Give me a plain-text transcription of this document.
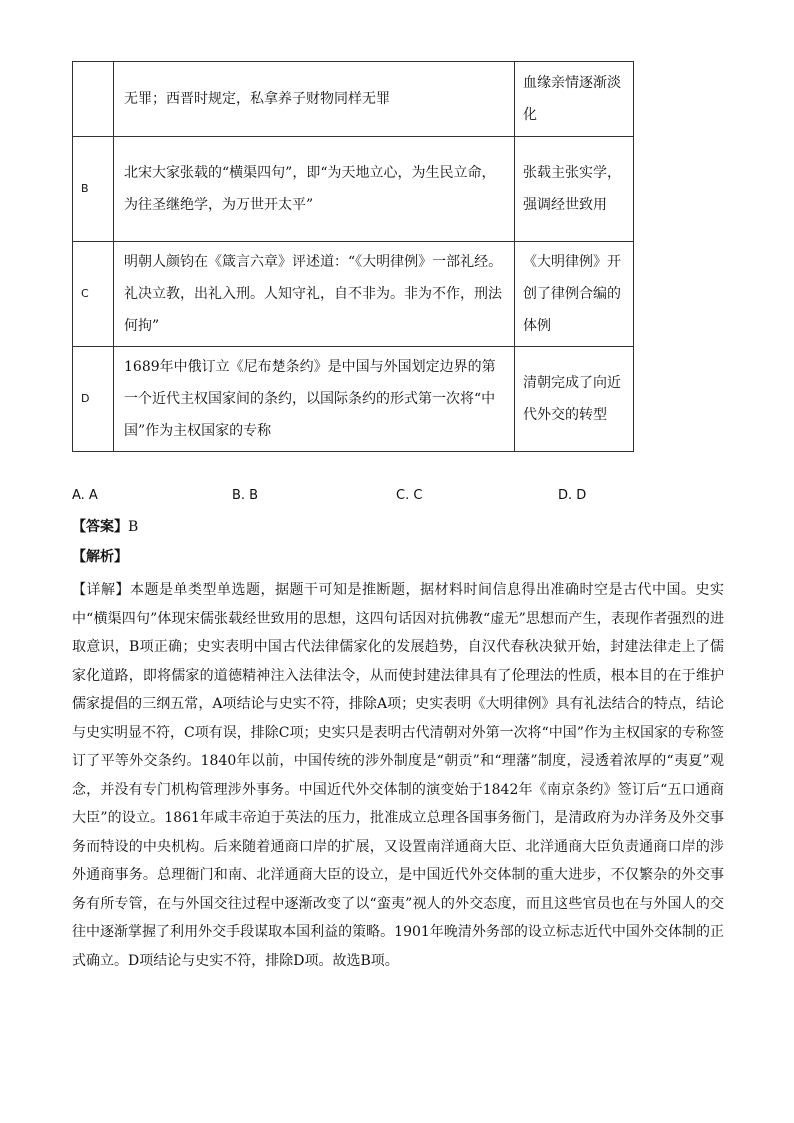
	无罪；西晋时规定，私拿养子财物同样无罪	血缘亲情逐渐淡化
B	北宋大家张载的“横渠四句”，即“为天地立心，为生民立命，为往圣继绝学，为万世开太平”	张载主张实学，强调经世致用
C	明朝人颜钧在《箴言六章》评述道：“《大明律例》一部礼经。礼决立教，出礼入刑。人知守礼，自不非为。非为不作，刑法何拘”	《大明律例》开创了律例合编的体例
D	1689年中俄订立《尼布楚条约》是中国与外国划定边界的第一个近代主权国家间的条约，以国际条约的形式第一次将“中国”作为主权国家的专称	清朝完成了向近代外交的转型
A. A	B. B	C. C	D. D
【答案】B
【解析】

【详解】本题是单类型单选题，据题干可知是推断题，据材料时间信息得出准确时空是古代中国。史实中“横渠四句”体现宋儒张载经世致用的思想，这四句话因对抗佛教“虚无”思想而产生，表现作者强烈的进取意识，B项正确；史实表明中国古代法律儒家化的发展趋势，自汉代春秋决狱开始，封建法律走上了儒家化道路，即将儒家的道德精神注入法律法令，从而使封建法律具有了伦理法的性质，根本目的在于维护儒家提倡的三纲五常，A项结论与史实不符，排除A项；史实表明《大明律例》具有礼法结合的特点，结论与史实明显不符，C项有误，排除C项；史实只是表明古代清朝对外第一次将“中国”作为主权国家的专称签订了平等外交条约。1840年以前，中国传统的涉外制度是“朝贡”和“理藩”制度，浸透着浓厚的“夷夏”观念，并没有专门机构管理涉外事务。中国近代外交体制的演变始于1842年《南京条约》签订后“五口通商大臣”的设立。1861年咸丰帝迫于英法的压力，批准成立总理各国事务衙门，是清政府为办洋务及外交事务而特设的中央机构。后来随着通商口岸的扩展，又设置南洋通商大臣、北洋通商大臣负责通商口岸的涉外通商事务。总理衙门和南、北洋通商大臣的设立，是中国近代外交体制的重大进步，不仅繁杂的外交事务有所专管，在与外国交往过程中逐渐改变了以“蛮夷”视人的外交态度，而且这些官员也在与外国人的交往中逐渐掌握了利用外交手段谋取本国利益的策略。1901年晚清外务部的设立标志近代中国外交体制的正式确立。D项结论与史实不符，排除D项。故选B项。
